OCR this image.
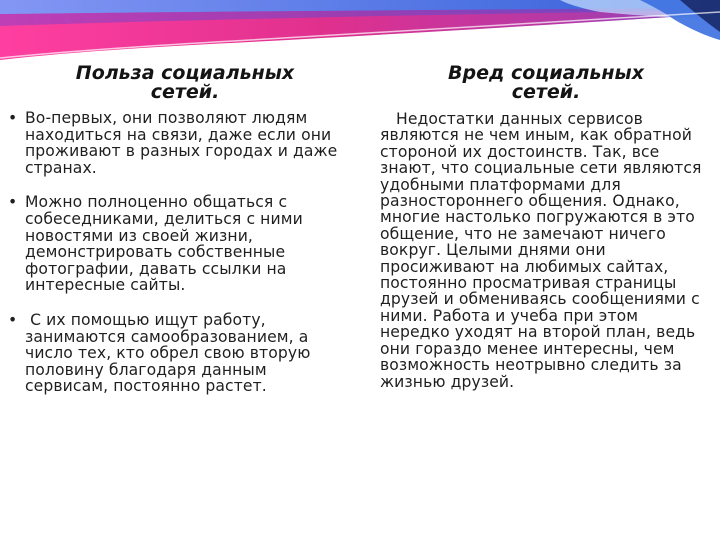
Польза социальных
сетей.
Вред социальных
сетей.
• Во-первых, они позволяют людям находиться на связи, даже если они проживают в разных городах и даже странах.
• Можно полноценно общаться с собеседниками, делиться с ними новостями из своей жизни, демонстрировать собственные фотографии, давать ссылки на интересные сайты.
• С их помощью ищут работу, занимаются самообразованием, а число тех, кто обрел свою вторую половину благодаря данным сервисам, постоянно растет.

Недостатки данных сервисов являются не чем иным, как обратной стороной их достоинств. Так, все знают, что социальные сети являются удобными платформами для разностороннего общения. Однако, многие настолько погружаются в это общение, что не замечают ничего вокруг. Целыми днями они просиживают на любимых сайтах, постоянно просматривая страницы друзей и обмениваясь сообщениями с ними. Работа и учеба при этом нередко уходят на второй план, ведь они гораздо менее интересны, чем возможность неотрывно следить за жизнью друзей.
